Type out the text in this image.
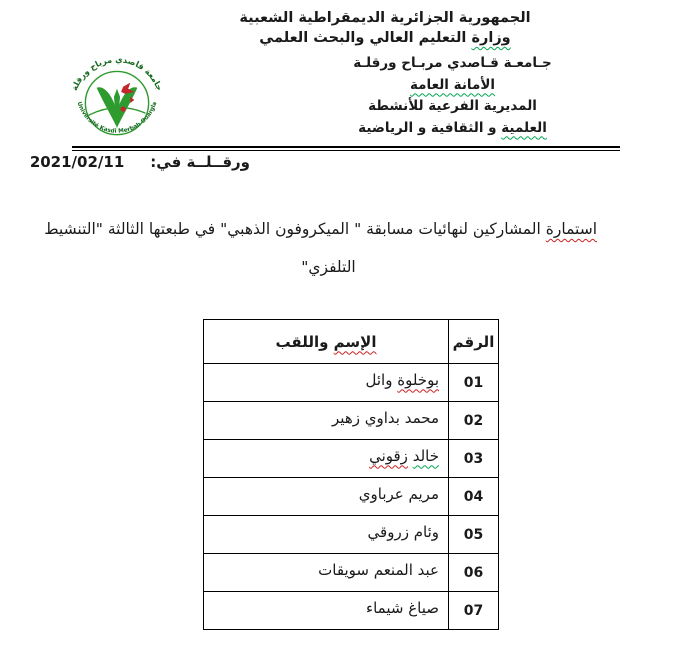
الجمهورية الجزائرية الديمقراطية الشعبية
وزارة التعليم العالي والبحث العلمي
جامعة قاصدي مرباح ورقلة
Université Kasdi Merbah Ouargla
جـامعـة قـاصدي مربـاح ورقلـة
الأمانة العامة
المديرية الفرعية للأنشطة
العلمية و الثقافية و الرياضية
ورقــلــة في:2021/02/11
استمارة المشاركين لنهائيات مسابقة " الميكروفون الذهبي" في طبعتها الثالثة "التنشيط
التلفزي"
الرقم	الإسم واللقب
01	بوخلوة وائل
02	محمد بداوي زهير
03	خالد زقوني
04	مريم عرباوي
05	وئام زروقي
06	عبد المنعم سويقات
07	صياغ شيماء
